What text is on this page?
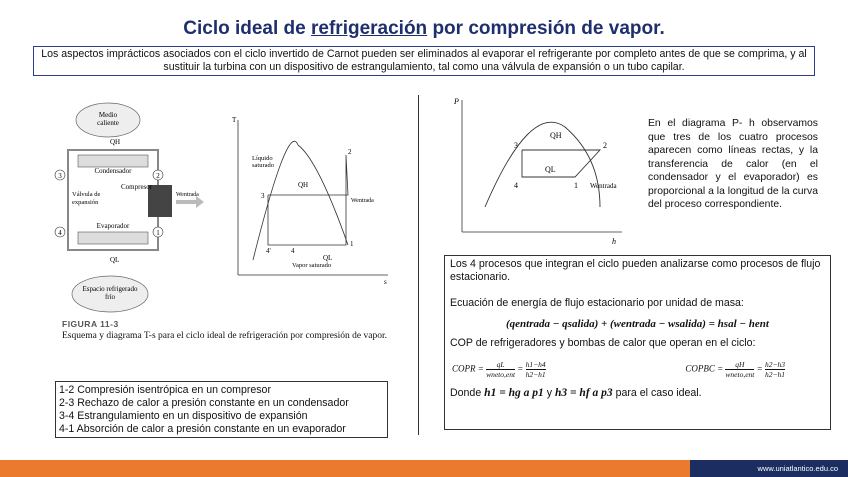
Ciclo ideal de refrigeración por compresión de vapor.
Los aspectos imprácticos asociados con el ciclo invertido de Carnot pueden ser eliminados al evaporar el refrigerante por completo antes de que se comprima, y al sustituir la turbina con un dispositivo de estrangulamiento, tal como una válvula de expansión o un tubo capilar.
Medio
caliente
Condensador
Evaporador
QH
QL
Compresor
Wentrada
Válvula de
expansión
3
4
2
1
Espacio refrigerado
frío
T
s
Líquido
saturado
Vapor saturado
3
2
1
4
4'
QH
QL
Wentrada
FIGURA 11-3
Esquema y diagrama T-s para el ciclo ideal de refrigeración por compresión de vapor.

1-2 Compresión isentrópica en un compresor

2-3 Rechazo de calor a presión constante en un condensador

3-4 Estrangulamiento en un dispositivo de expansión

4-1 Absorción de calor a presión constante en un evaporador

P
h
3	2
4	1
QH
QL
Wentrada
En el diagrama P- h observamos que tres de los cuatro procesos aparecen como líneas rectas, y la transferencia de calor (en el condensador y el evaporador) es proporcional a la longitud de la curva del proceso correspondiente.

Los 4 procesos que integran el ciclo pueden analizarse como procesos de flujo estacionario.

Ecuación de energía de flujo estacionario por unidad de masa:

(qentrada − qsalida) + (wentrada − wsalida) = hsal − hent

COP de refrigeradores y bombas de calor que operan en el ciclo:

COPR = $\frac{qL}{\text{wneto,ent}} = \frac{h1-h4}{h2-h1}$	COPBC = $\frac{qH}{\text{wneto,ent}} = \frac{h2-h3}{h2-h1}$

Donde h1 = hg a p1 y h3 = hf a p3 para el caso ideal.

www.uniatlantico.edu.co
